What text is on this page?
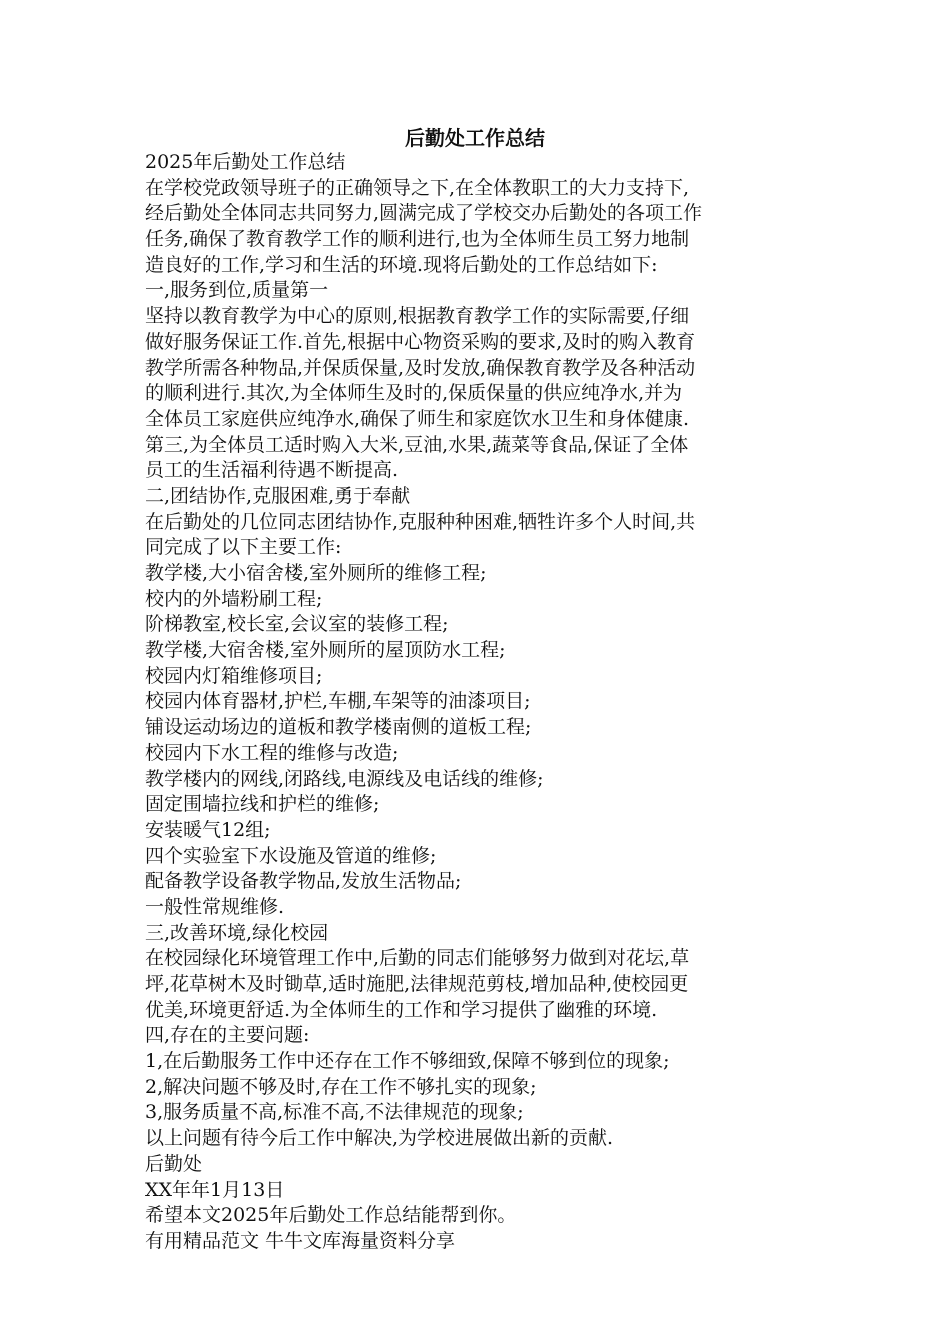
后勤处工作总结
2025年后勤处工作总结
在学校党政领导班子的正确领导之下,在全体教职工的大力支持下,
经后勤处全体同志共同努力,圆满完成了学校交办后勤处的各项工作
任务,确保了教育教学工作的顺利进行,也为全体师生员工努力地制
造良好的工作,学习和生活的环境.现将后勤处的工作总结如下:
一,服务到位,质量第一
坚持以教育教学为中心的原则,根据教育教学工作的实际需要,仔细
做好服务保证工作.首先,根据中心物资采购的要求,及时的购入教育
教学所需各种物品,并保质保量,及时发放,确保教育教学及各种活动
的顺利进行.其次,为全体师生及时的,保质保量的供应纯净水,并为
全体员工家庭供应纯净水,确保了师生和家庭饮水卫生和身体健康.
第三,为全体员工适时购入大米,豆油,水果,蔬菜等食品,保证了全体
员工的生活福利待遇不断提高.
二,团结协作,克服困难,勇于奉献
在后勤处的几位同志团结协作,克服种种困难,牺牲许多个人时间,共
同完成了以下主要工作:
教学楼,大小宿舍楼,室外厕所的维修工程;
校内的外墙粉刷工程;
阶梯教室,校长室,会议室的装修工程;
教学楼,大宿舍楼,室外厕所的屋顶防水工程;
校园内灯箱维修项目;
校园内体育器材,护栏,车棚,车架等的油漆项目;
铺设运动场边的道板和教学楼南侧的道板工程;
校园内下水工程的维修与改造;
教学楼内的网线,闭路线,电源线及电话线的维修;
固定围墙拉线和护栏的维修;
安装暖气12组;
四个实验室下水设施及管道的维修;
配备教学设备教学物品,发放生活物品;
一般性常规维修.
三,改善环境,绿化校园
在校园绿化环境管理工作中,后勤的同志们能够努力做到对花坛,草
坪,花草树木及时锄草,适时施肥,法律规范剪枝,增加品种,使校园更
优美,环境更舒适.为全体师生的工作和学习提供了幽雅的环境.
四,存在的主要问题:
1,在后勤服务工作中还存在工作不够细致,保障不够到位的现象;
2,解决问题不够及时,存在工作不够扎实的现象;
3,服务质量不高,标准不高,不法律规范的现象;
以上问题有待今后工作中解决,为学校进展做出新的贡献.
后勤处
XX年年1月13日
希望本文2025年后勤处工作总结能帮到你。
有用精品范文 牛牛文库海量资料分享
